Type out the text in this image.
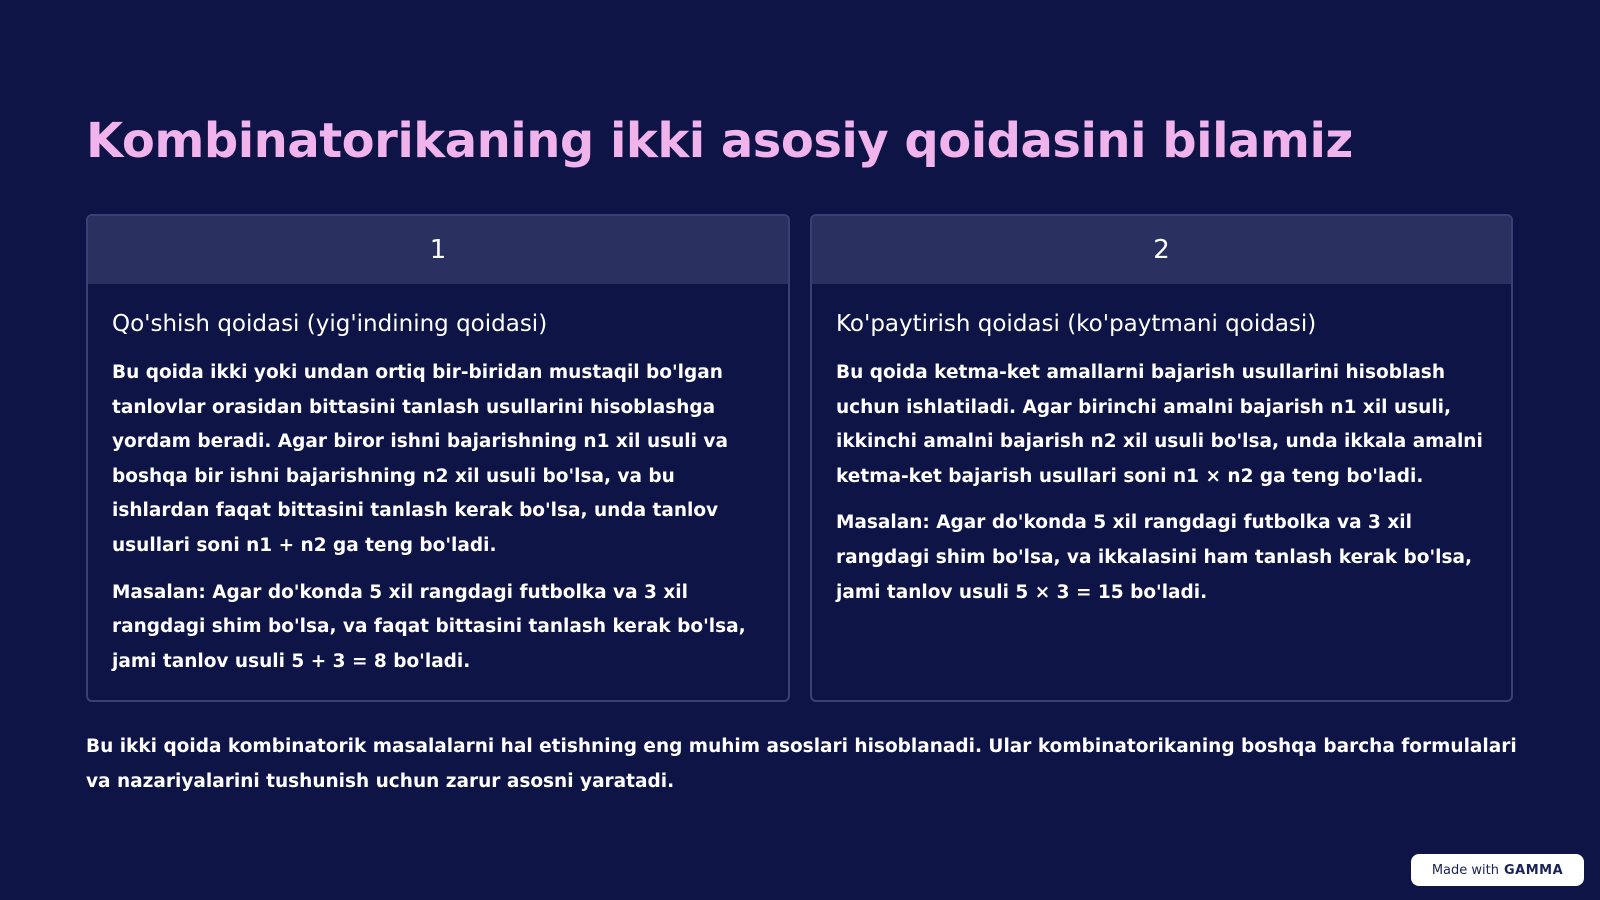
Kombinatorikaning ikki asosiy qoidasini bilamiz
1
Qo'shish qoidasi (yig'indining qoidasi)

Bu qoida ikki yoki undan ortiq bir-biridan mustaqil bo'lgan tanlovlar orasidan bittasini tanlash usullarini hisoblashga yordam beradi. Agar biror ishni bajarishning n1 xil usuli va boshqa bir ishni bajarishning n2 xil usuli bo'lsa, va bu ishlardan faqat bittasini tanlash kerak bo'lsa, unda tanlov usullari soni n1 + n2 ga teng bo'ladi.

Masalan: Agar do'konda 5 xil rangdagi futbolka va 3 xil rangdagi shim bo'lsa, va faqat bittasini tanlash kerak bo'lsa, jami tanlov usuli 5 + 3 = 8 bo'ladi.

2
Ko'paytirish qoidasi (ko'paytmani qoidasi)

Bu qoida ketma-ket amallarni bajarish usullarini hisoblash uchun ishlatiladi. Agar birinchi amalni bajarish n1 xil usuli, ikkinchi amalni bajarish n2 xil usuli bo'lsa, unda ikkala amalni ketma-ket bajarish usullari soni n1 × n2 ga teng bo'ladi.

Masalan: Agar do'konda 5 xil rangdagi futbolka va 3 xil rangdagi shim bo'lsa, va ikkalasini ham tanlash kerak bo'lsa, jami tanlov usuli 5 × 3 = 15 bo'ladi.

Bu ikki qoida kombinatorik masalalarni hal etishning eng muhim asoslari hisoblanadi. Ular kombinatorikaning boshqa barcha formulalari va nazariyalarini tushunish uchun zarur asosni yaratadi.

Made with GAMMA
